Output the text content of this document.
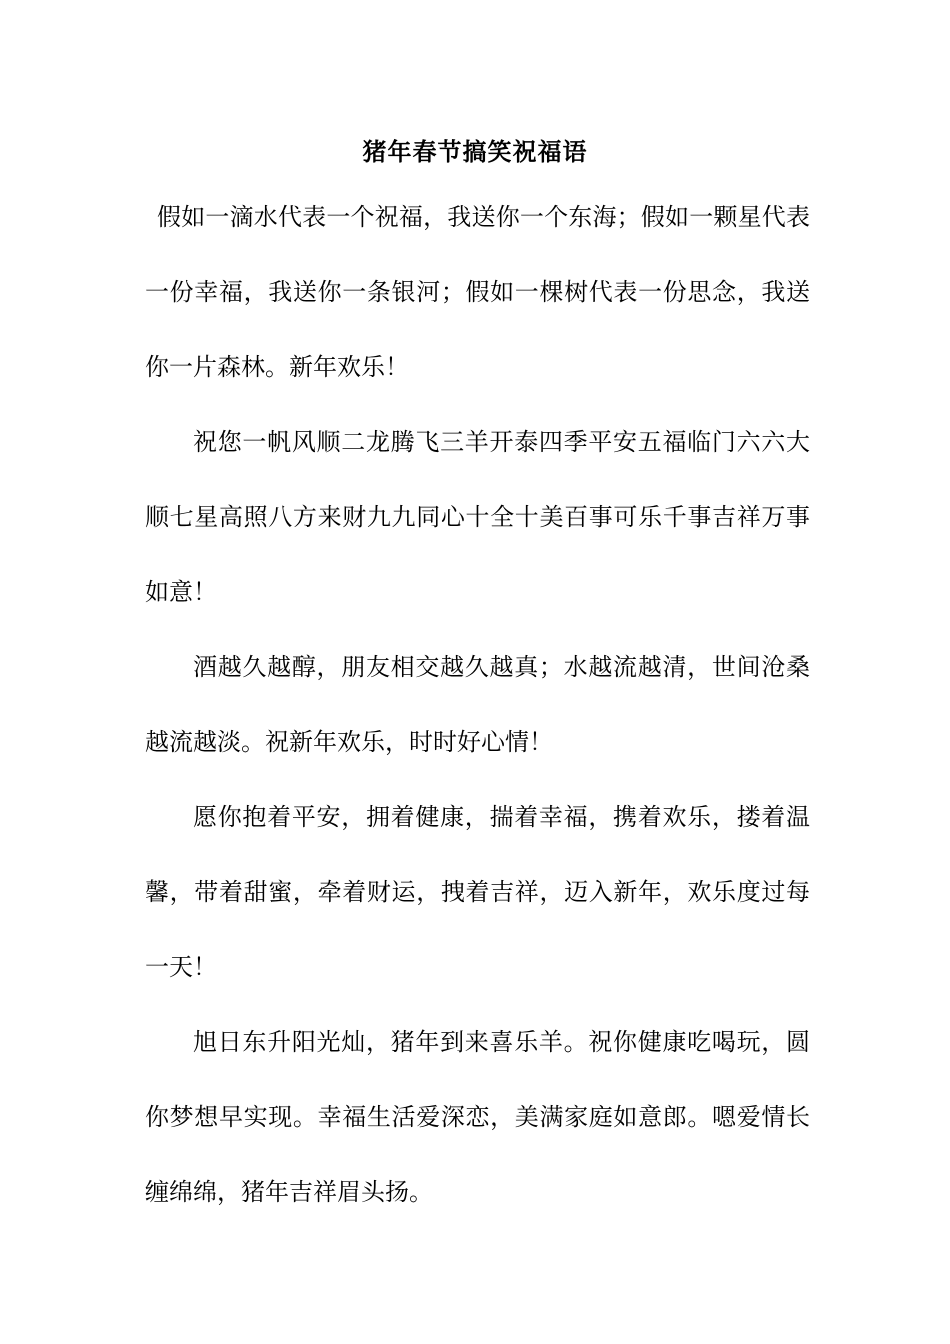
猪年春节搞笑祝福语

假如一滴水代表一个祝福，我送你一个东海；假如一颗星代表一份幸福，我送你一条银河；假如一棵树代表一份思念，我送你一片森林。新年欢乐！

祝您一帆风顺二龙腾飞三羊开泰四季平安五福临门六六大顺七星高照八方来财九九同心十全十美百事可乐千事吉祥万事如意！

酒越久越醇，朋友相交越久越真；水越流越清，世间沧桑越流越淡。祝新年欢乐，时时好心情！

愿你抱着平安，拥着健康，揣着幸福，携着欢乐，搂着温馨，带着甜蜜，牵着财运，拽着吉祥，迈入新年，欢乐度过每一天！

旭日东升阳光灿，猪年到来喜乐羊。祝你健康吃喝玩，圆你梦想早实现。幸福生活爱深恋，美满家庭如意郎。嗯爱情长缠绵绵，猪年吉祥眉头扬。
